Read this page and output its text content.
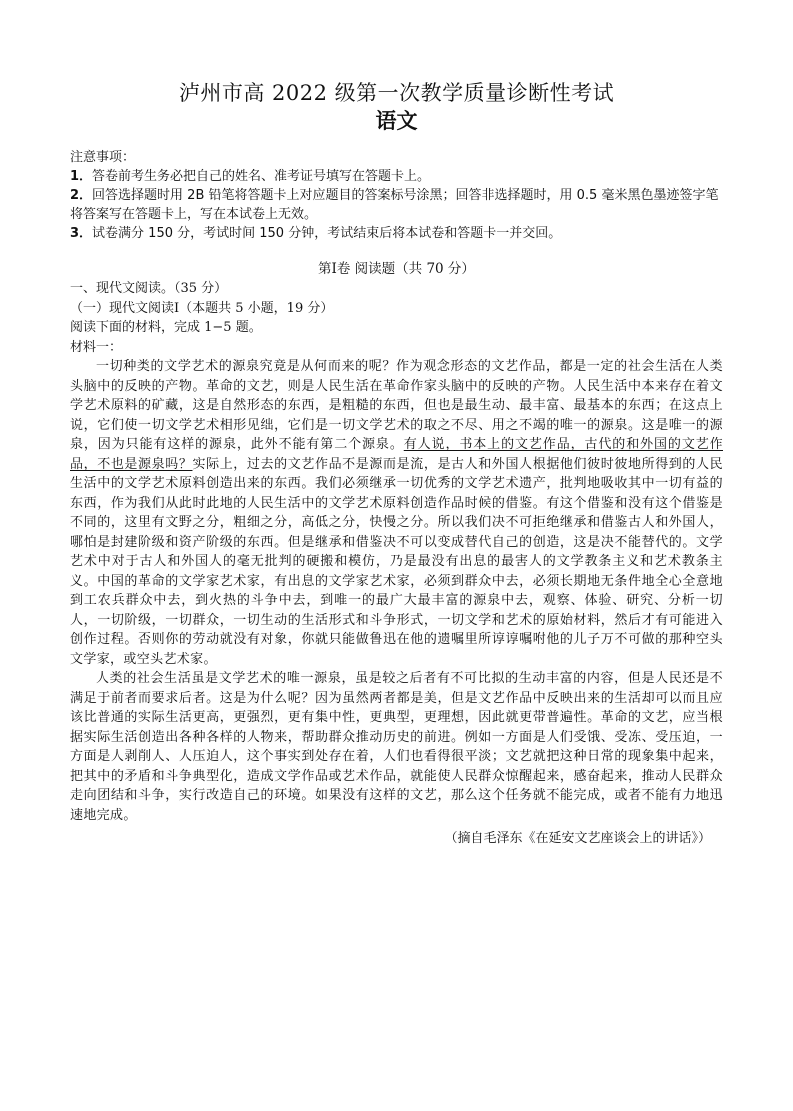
泸州市高 2022 级第一次教学质量诊断性考试
语文

注意事项：

1．答卷前考生务必把自己的姓名、准考证号填写在答题卡上。

2．回答选择题时用 2B 铅笔将答题卡上对应题目的答案标号涂黑；回答非选择题时，用 0.5 毫米黑色墨迹签字笔将答案写在答题卡上，写在本试卷上无效。

3．试卷满分 150 分，考试时间 150 分钟，考试结束后将本试卷和答题卡一并交回。

第Ⅰ卷 阅读题（共 70 分）

一、现代文阅读。（35 分）

（一）现代文阅读Ⅰ（本题共 5 小题，19 分）

阅读下面的材料，完成 1−5 题。

材料一：

一切种类的文学艺术的源泉究竟是从何而来的呢？作为观念形态的文艺作品，都是一定的社会生活在人类头脑中的反映的产物。革命的文艺，则是人民生活在革命作家头脑中的反映的产物。人民生活中本来存在着文学艺术原料的矿藏，这是自然形态的东西，是粗糙的东西，但也是最生动、最丰富、最基本的东西；在这点上说，它们使一切文学艺术相形见绌，它们是一切文学艺术的取之不尽、用之不竭的唯一的源泉。这是唯一的源泉，因为只能有这样的源泉，此外不能有第二个源泉。有人说，书本上的文艺作品，古代的和外国的文艺作品，不也是源泉吗？实际上，过去的文艺作品不是源而是流，是古人和外国人根据他们彼时彼地所得到的人民生活中的文学艺术原料创造出来的东西。我们必须继承一切优秀的文学艺术遗产，批判地吸收其中一切有益的东西，作为我们从此时此地的人民生活中的文学艺术原料创造作品时候的借鉴。有这个借鉴和没有这个借鉴是不同的，这里有文野之分，粗细之分，高低之分，快慢之分。所以我们决不可拒绝继承和借鉴古人和外国人，哪怕是封建阶级和资产阶级的东西。但是继承和借鉴决不可以变成替代自己的创造，这是决不能替代的。文学艺术中对于古人和外国人的毫无批判的硬搬和模仿，乃是最没有出息的最害人的文学教条主义和艺术教条主义。中国的革命的文学家艺术家，有出息的文学家艺术家，必须到群众中去，必须长期地无条件地全心全意地到工农兵群众中去，到火热的斗争中去，到唯一的最广大最丰富的源泉中去，观察、体验、研究、分析一切人，一切阶级，一切群众，一切生动的生活形式和斗争形式，一切文学和艺术的原始材料，然后才有可能进入创作过程。否则你的劳动就没有对象，你就只能做鲁迅在他的遗嘱里所谆谆嘱咐他的儿子万不可做的那种空头文学家，或空头艺术家。

人类的社会生活虽是文学艺术的唯一源泉，虽是较之后者有不可比拟的生动丰富的内容，但是人民还是不满足于前者而要求后者。这是为什么呢？因为虽然两者都是美，但是文艺作品中反映出来的生活却可以而且应该比普通的实际生活更高，更强烈，更有集中性，更典型，更理想，因此就更带普遍性。革命的文艺，应当根据实际生活创造出各种各样的人物来，帮助群众推动历史的前进。例如一方面是人们受饿、受冻、受压迫，一方面是人剥削人、人压迫人，这个事实到处存在着，人们也看得很平淡；文艺就把这种日常的现象集中起来，把其中的矛盾和斗争典型化，造成文学作品或艺术作品，就能使人民群众惊醒起来，感奋起来，推动人民群众走向团结和斗争，实行改造自己的环境。如果没有这样的文艺，那么这个任务就不能完成，或者不能有力地迅速地完成。

（摘自毛泽东《在延安文艺座谈会上的讲话》）
